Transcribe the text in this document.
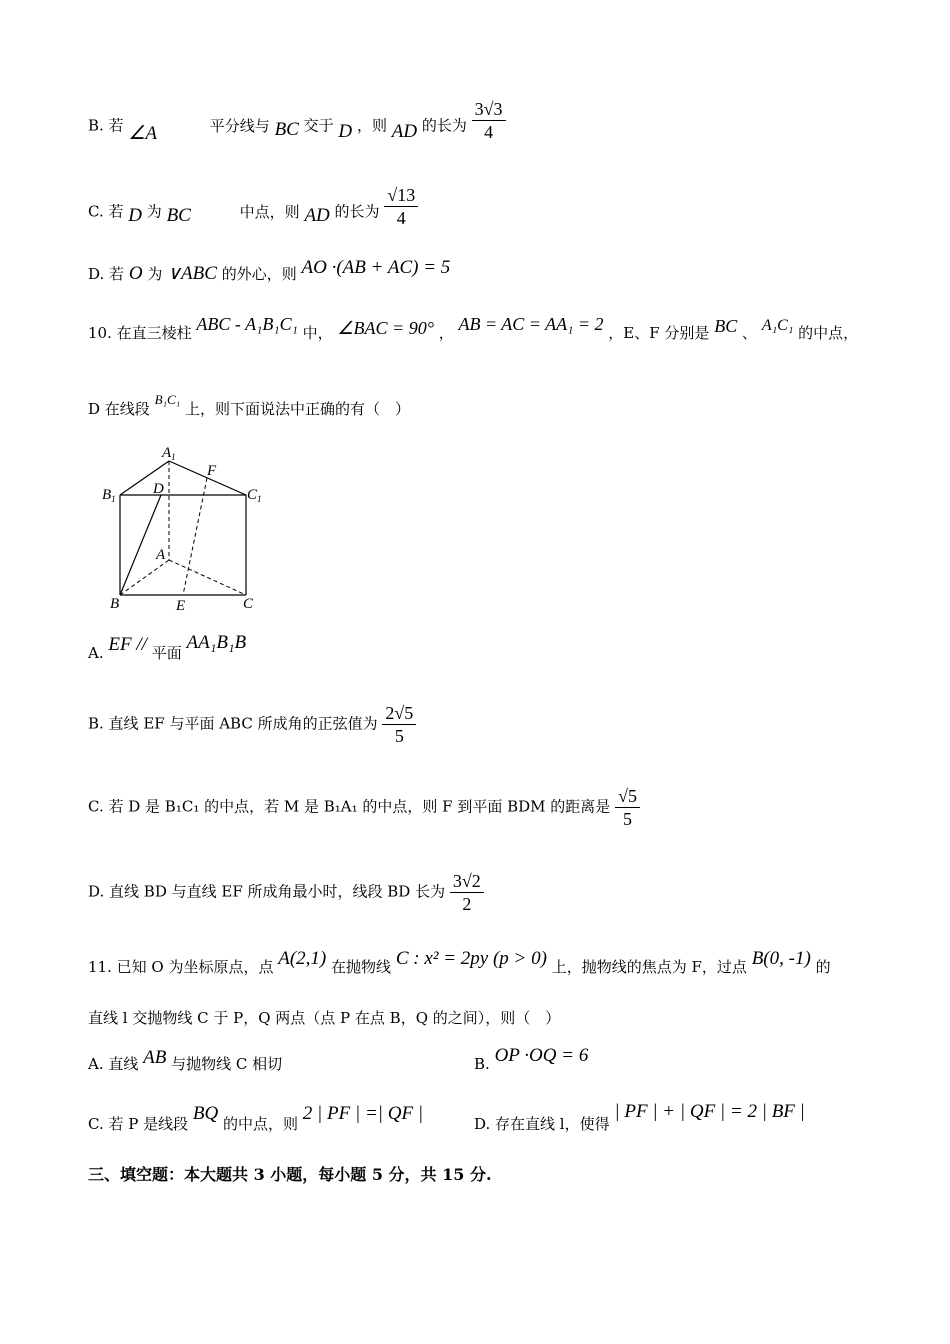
B. 若 ∠A	平分线与 BC 交于 D ，则 AD 的长为 $\frac{3√3}{4}$
C. 若 D 为 BC	中点，则 AD 的长为 $\frac{√13}{4}$
D. 若 O 为 ∨ABC 的外心，则 AO ·(AB + AC) = 5
10. 在直三棱柱 ABC - A₁B₁C₁ 中， ∠BAC = 90° ， AB = AC = AA₁ = 2 ，E、F 分别是 BC 、 A₁C₁ 的中点，
D 在线段 B₁C₁ 上，则下面说法中正确的有（　）
$A_1$
F
$B_1$
D	$C_1$
A
B	E	C
A. EF // 平面 AA₁B₁B
B. 直线 EF 与平面 ABC 所成角的正弦值为 $\frac{2√5}{5}$
C. 若 D 是 B₁C₁ 的中点，若 M 是 B₁A₁ 的中点，则 F 到平面 BDM 的距离是 $\frac{√5}{5}$
D. 直线 BD 与直线 EF 所成角最小时，线段 BD 长为 $\frac{3√2}{2}$
11. 已知 O 为坐标原点，点 A(2,1) 在抛物线 C : x² = 2py (p > 0) 上，抛物线的焦点为 F，过点 B(0, -1) 的
直线 l 交抛物线 C 于 P，Q 两点（点 P 在点 B，Q 的之间），则（　）
A. 直线 AB 与抛物线 C 相切	B. OP ·OQ = 6
C. 若 P 是线段 BQ 的中点，则 2 | PF | =| QF |	D. 存在直线 l，使得 | PF | + | QF | = 2 | BF |
三、填空题：本大题共 3 小题，每小题 5 分，共 15 分.
